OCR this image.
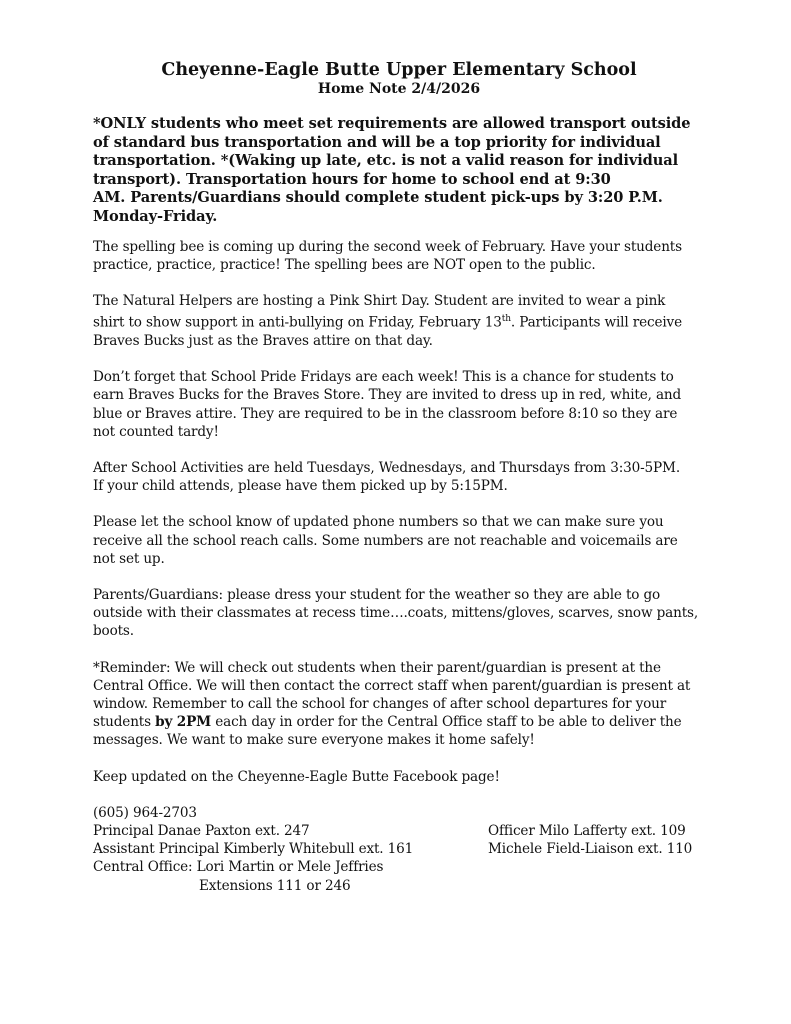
Cheyenne-Eagle Butte Upper Elementary School
Home Note 2/4/2026
*ONLY students who meet set requirements are allowed transport outside
of standard bus transportation and will be a top priority for individual
transportation. *(Waking up late, etc. is not a valid reason for individual
transport). Transportation hours for home to school end at 9:30
AM. Parents/Guardians should complete student pick-ups by 3:20 P.M.
Monday-Friday.
The spelling bee is coming up during the second week of February. Have your students
practice, practice, practice! The spelling bees are NOT open to the public.
The Natural Helpers are hosting a Pink Shirt Day. Student are invited to wear a pink
shirt to show support in anti-bullying on Friday, February 13th. Participants will receive
Braves Bucks just as the Braves attire on that day.
Don’t forget that School Pride Fridays are each week! This is a chance for students to
earn Braves Bucks for the Braves Store. They are invited to dress up in red, white, and
blue or Braves attire. They are required to be in the classroom before 8:10 so they are
not counted tardy!
After School Activities are held Tuesdays, Wednesdays, and Thursdays from 3:30-5PM.
If your child attends, please have them picked up by 5:15PM.
Please let the school know of updated phone numbers so that we can make sure you
receive all the school reach calls. Some numbers are not reachable and voicemails are
not set up.
Parents/Guardians: please dress your student for the weather so they are able to go
outside with their classmates at recess time….coats, mittens/gloves, scarves, snow pants,
boots.
*Reminder: We will check out students when their parent/guardian is present at the
Central Office. We will then contact the correct staff when parent/guardian is present at
window. Remember to call the school for changes of after school departures for your
students by 2PM each day in order for the Central Office staff to be able to deliver the
messages. We want to make sure everyone makes it home safely!
Keep updated on the Cheyenne-Eagle Butte Facebook page!
(605) 964-2703
Principal Danae Paxton ext. 247
Assistant Principal Kimberly Whitebull ext. 161
Central Office: Lori Martin or Mele Jeffries
Extensions 111 or 246
Officer Milo Lafferty ext. 109
Michele Field-Liaison ext. 110
